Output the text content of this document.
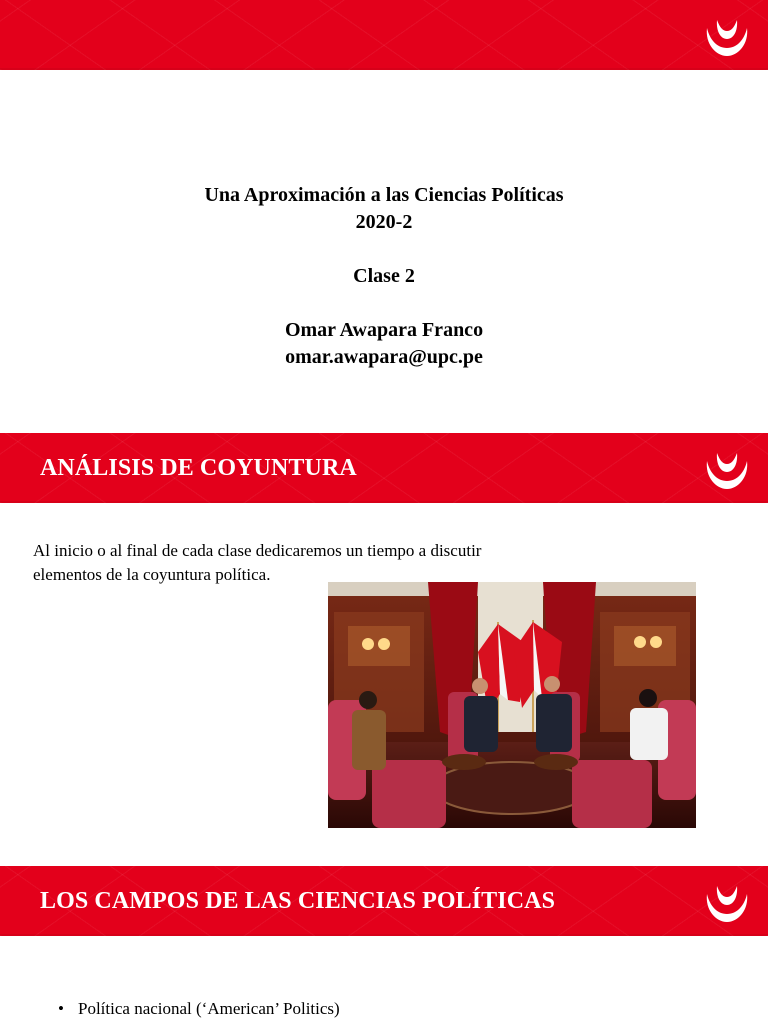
Una Aproximación a las Ciencias Políticas
2020-2
Clase 2
Omar Awapara Franco
omar.awapara@upc.pe
ANÁLISIS DE COYUNTURA
Al inicio o al final de cada clase dedicaremos un tiempo a discutir
elementos de la coyuntura política.
LOS CAMPOS DE LAS CIENCIAS POLÍTICAS
• Política nacional (‘American’ Politics)
